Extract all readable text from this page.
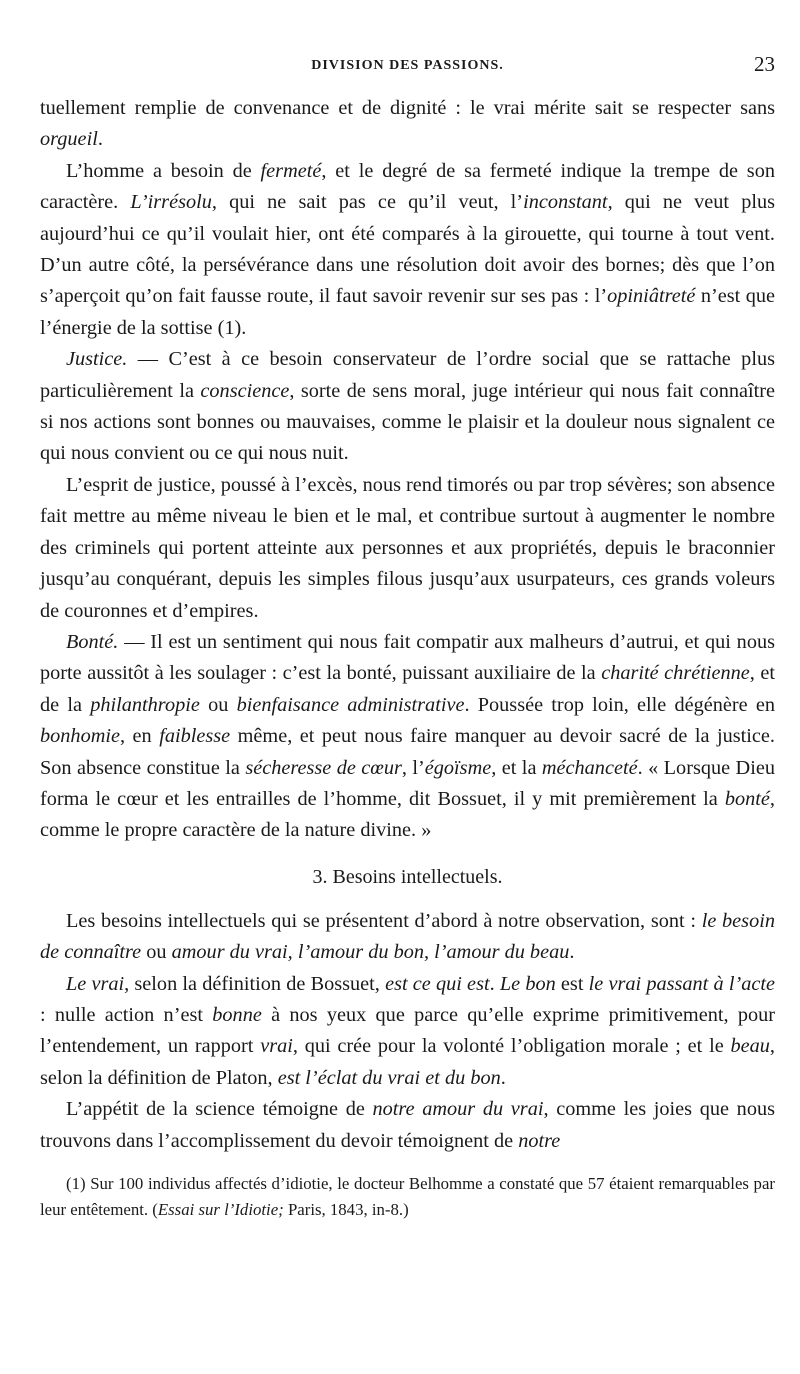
DIVISION DES PASSIONS.	23

tuellement remplie de convenance et de dignité : le vrai mérite sait se respecter sans orgueil.

L’homme a besoin de fermeté, et le degré de sa fermeté indique la trempe de son caractère. L’irrésolu, qui ne sait pas ce qu’il veut, l’inconstant, qui ne veut plus aujourd’hui ce qu’il voulait hier, ont été comparés à la girouette, qui tourne à tout vent. D’un autre côté, la persévérance dans une résolution doit avoir des bornes; dès que l’on s’aperçoit qu’on fait fausse route, il faut savoir revenir sur ses pas : l’opiniâtreté n’est que l’énergie de la sottise (1).

Justice. — C’est à ce besoin conservateur de l’ordre social que se rattache plus particulièrement la conscience, sorte de sens moral, juge intérieur qui nous fait connaître si nos actions sont bonnes ou mauvaises, comme le plaisir et la douleur nous signalent ce qui nous convient ou ce qui nous nuit.

L’esprit de justice, poussé à l’excès, nous rend timorés ou par trop sévères; son absence fait mettre au même niveau le bien et le mal, et contribue surtout à augmenter le nombre des criminels qui portent atteinte aux personnes et aux propriétés, depuis le braconnier jusqu’au conquérant, depuis les simples filous jusqu’aux usurpateurs, ces grands voleurs de couronnes et d’empires.

Bonté. — Il est un sentiment qui nous fait compatir aux malheurs d’autrui, et qui nous porte aussitôt à les soulager : c’est la bonté, puissant auxiliaire de la charité chrétienne, et de la philanthropie ou bienfaisance administrative. Poussée trop loin, elle dégénère en bonhomie, en faiblesse même, et peut nous faire manquer au devoir sacré de la justice. Son absence constitue la sécheresse de cœur, l’égoïsme, et la méchanceté. « Lorsque Dieu forma le cœur et les entrailles de l’homme, dit Bossuet, il y mit premièrement la bonté, comme le propre caractère de la nature divine. »

3. Besoins intellectuels.

Les besoins intellectuels qui se présentent d’abord à notre observation, sont : le besoin de connaître ou amour du vrai, l’amour du bon, l’amour du beau.

Le vrai, selon la définition de Bossuet, est ce qui est. Le bon est le vrai passant à l’acte : nulle action n’est bonne à nos yeux que parce qu’elle exprime primitivement, pour l’entendement, un rapport vrai, qui crée pour la volonté l’obligation morale ; et le beau, selon la définition de Platon, est l’éclat du vrai et du bon.

L’appétit de la science témoigne de notre amour du vrai, comme les joies que nous trouvons dans l’accomplissement du devoir témoignent de notre

(1) Sur 100 individus affectés d’idiotie, le docteur Belhomme a constaté que 57 étaient remarquables par leur entêtement. (Essai sur l’Idiotie; Paris, 1843, in-8.)
